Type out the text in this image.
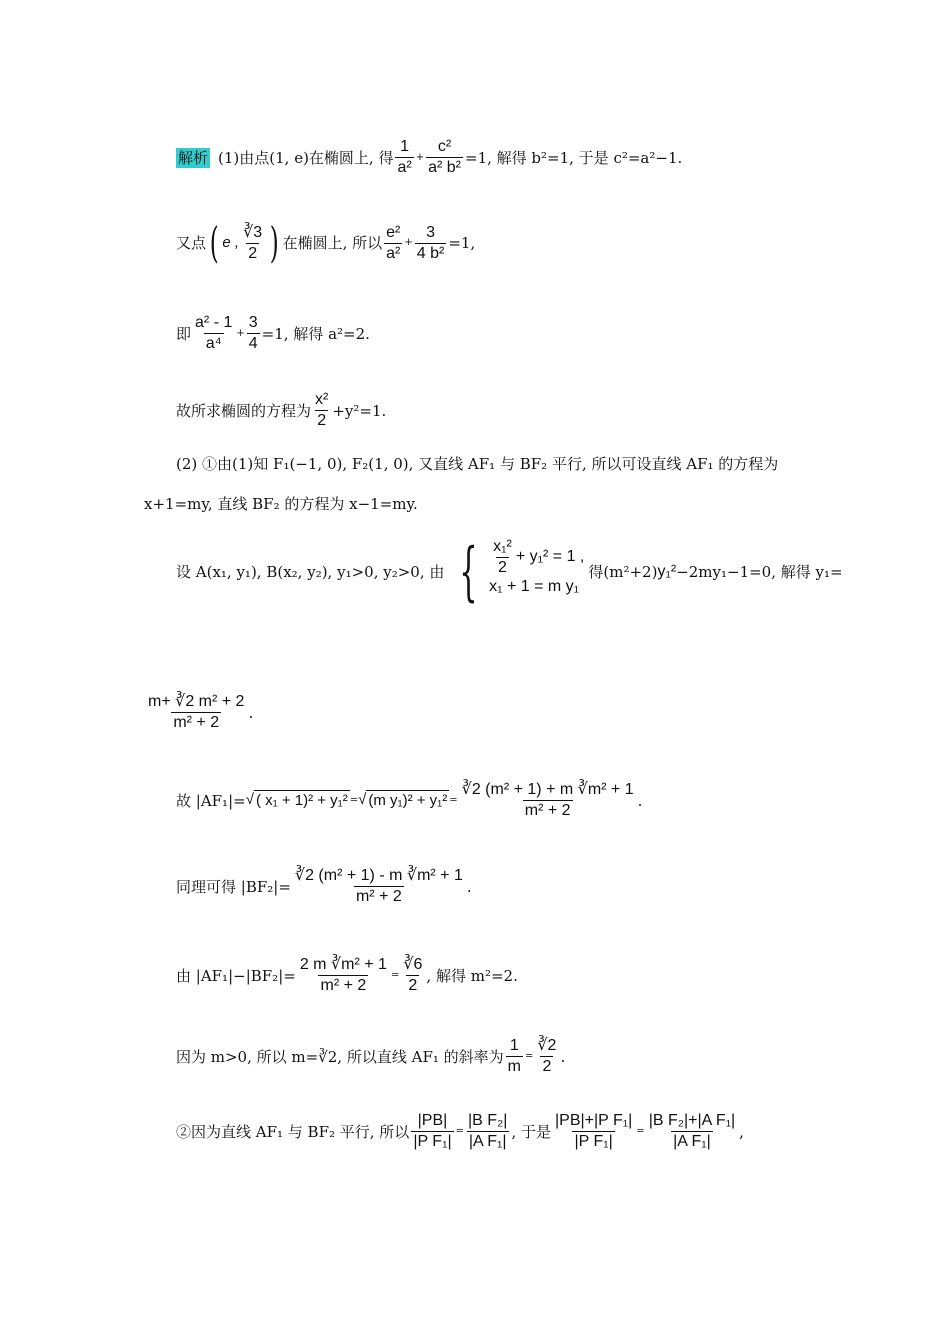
解析 (1)由点(1, e)在椭圆上, 得 $\frac{1}{\text{a²}} + \frac{\text{c²}}{\text{a² b²}} =1$, 解得 b²=1, 于是 c²=a²−1.
又点 ( e , $\frac{∛3}{2}$ ) 在椭圆上, 所以 $\frac{\text{e²}}{\text{a²}} + \frac{3}{\text{4 b²}} =1$,
即 $\frac{\text{a² - 1}}{\text{a⁴}} + \frac{3}{4} =1$, 解得 a²=2.
故所求椭圆的方程为 $\frac{\text{x²}}{2} +y^2=1$.
(2) ①由(1)知 F₁(−1, 0), F₂(1, 0), 又直线 AF₁ 与 BF₂ 平行, 所以可设直线 AF₁ 的方程为
x+1=my, 直线 BF₂ 的方程为 x−1=my.
设 A(x₁, y₁), B(x₂, y₂), y₁>0, y₂>0, 由 { $\frac{\text{x₁²}}{2} + y_1^2 = 1$ ,
x₁ + 1 = m y₁
得(m²+2) y₁² −2my₁−1=0, 解得 y₁=
$\frac{\text{m+ ∛2 m² + 2}}{\text{m² + 2}}$ .
故 |AF₁|= √ ( x₁ + 1)² + y₁² = √ (m $y_1)^2 + y_1^2 = \frac{\text{∛2 (m² + 1) + m ∛m² + 1}}{\text{m² + 2}}$ .
同理可得 $|BF_2|= \frac{\text{∛2 (m² + 1) - m ∛m² + 1}}{\text{m² + 2}}$ .
由 $|AF_1|-|BF_2|= \frac{\text{2 m ∛m² + 1}}{\text{m² + 2}} = \frac{∛6}{2}$ , 解得 m²=2.
因为 m>0, 所以 m=∛2, 所以直线 AF₁ 的斜率为 $\frac{1}{m} = \frac{∛2}{2}$ .
②因为直线 AF₁ 与 BF₂ 平行, 所以 $\frac{|PB|}{\text{|P F₁|}} = \frac{\text{|B F₂|}}{\text{|A F₁|}}$ , 于是 $\frac{\text{|PB|+|P F₁|}}{\text{|P F₁|}} = \frac{\text{|B F₂|+|A F₁|}}{\text{|A F₁|}}$ ,
